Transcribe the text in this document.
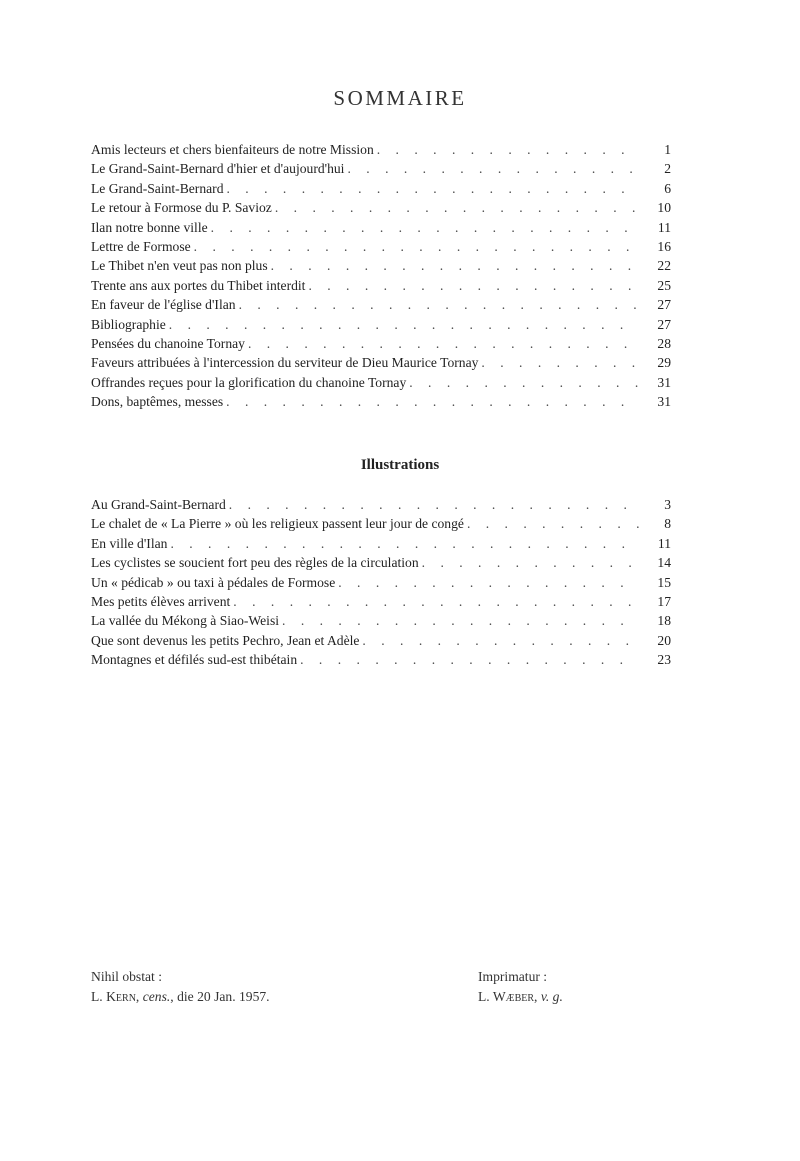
SOMMAIRE
Amis lecteurs et chers bienfaiteurs de notre Mission . . .	1
Le Grand-Saint-Bernard d'hier et d'aujourd'hui . . .	2
Le Grand-Saint-Bernard . . .	6
Le retour à Formose du P. Savioz . . .	10
Ilan notre bonne ville . . .	11
Lettre de Formose . . .	16
Le Thibet n'en veut pas non plus . . .	22
Trente ans aux portes du Thibet interdit . . .	25
En faveur de l'église d'Ilan . . .	27
Bibliographie . . .	27
Pensées du chanoine Tornay . . .	28
Faveurs attribuées à l'intercession du serviteur de Dieu Maurice Tornay . . .	29
Offrandes reçues pour la glorification du chanoine Tornay . . .	31
Dons, baptêmes, messes . . .	31
Illustrations
Au Grand-Saint-Bernard . . .	3
Le chalet de « La Pierre » où les religieux passent leur jour de congé . . .	8
En ville d'Ilan . . .	11
Les cyclistes se soucient fort peu des règles de la circulation . . .	14
Un « pédicab » ou taxi à pédales de Formose . . .	15
Mes petits élèves arrivent . . .	17
La vallée du Mékong à Siao-Weisi . . .	18
Que sont devenus les petits Pechro, Jean et Adèle . . .	20
Montagnes et défilés sud-est thibétain . . .	23
Nihil obstat :
L. Kern, cens., die 20 Jan. 1957.
Imprimatur :
L. Wæber, v. g.
